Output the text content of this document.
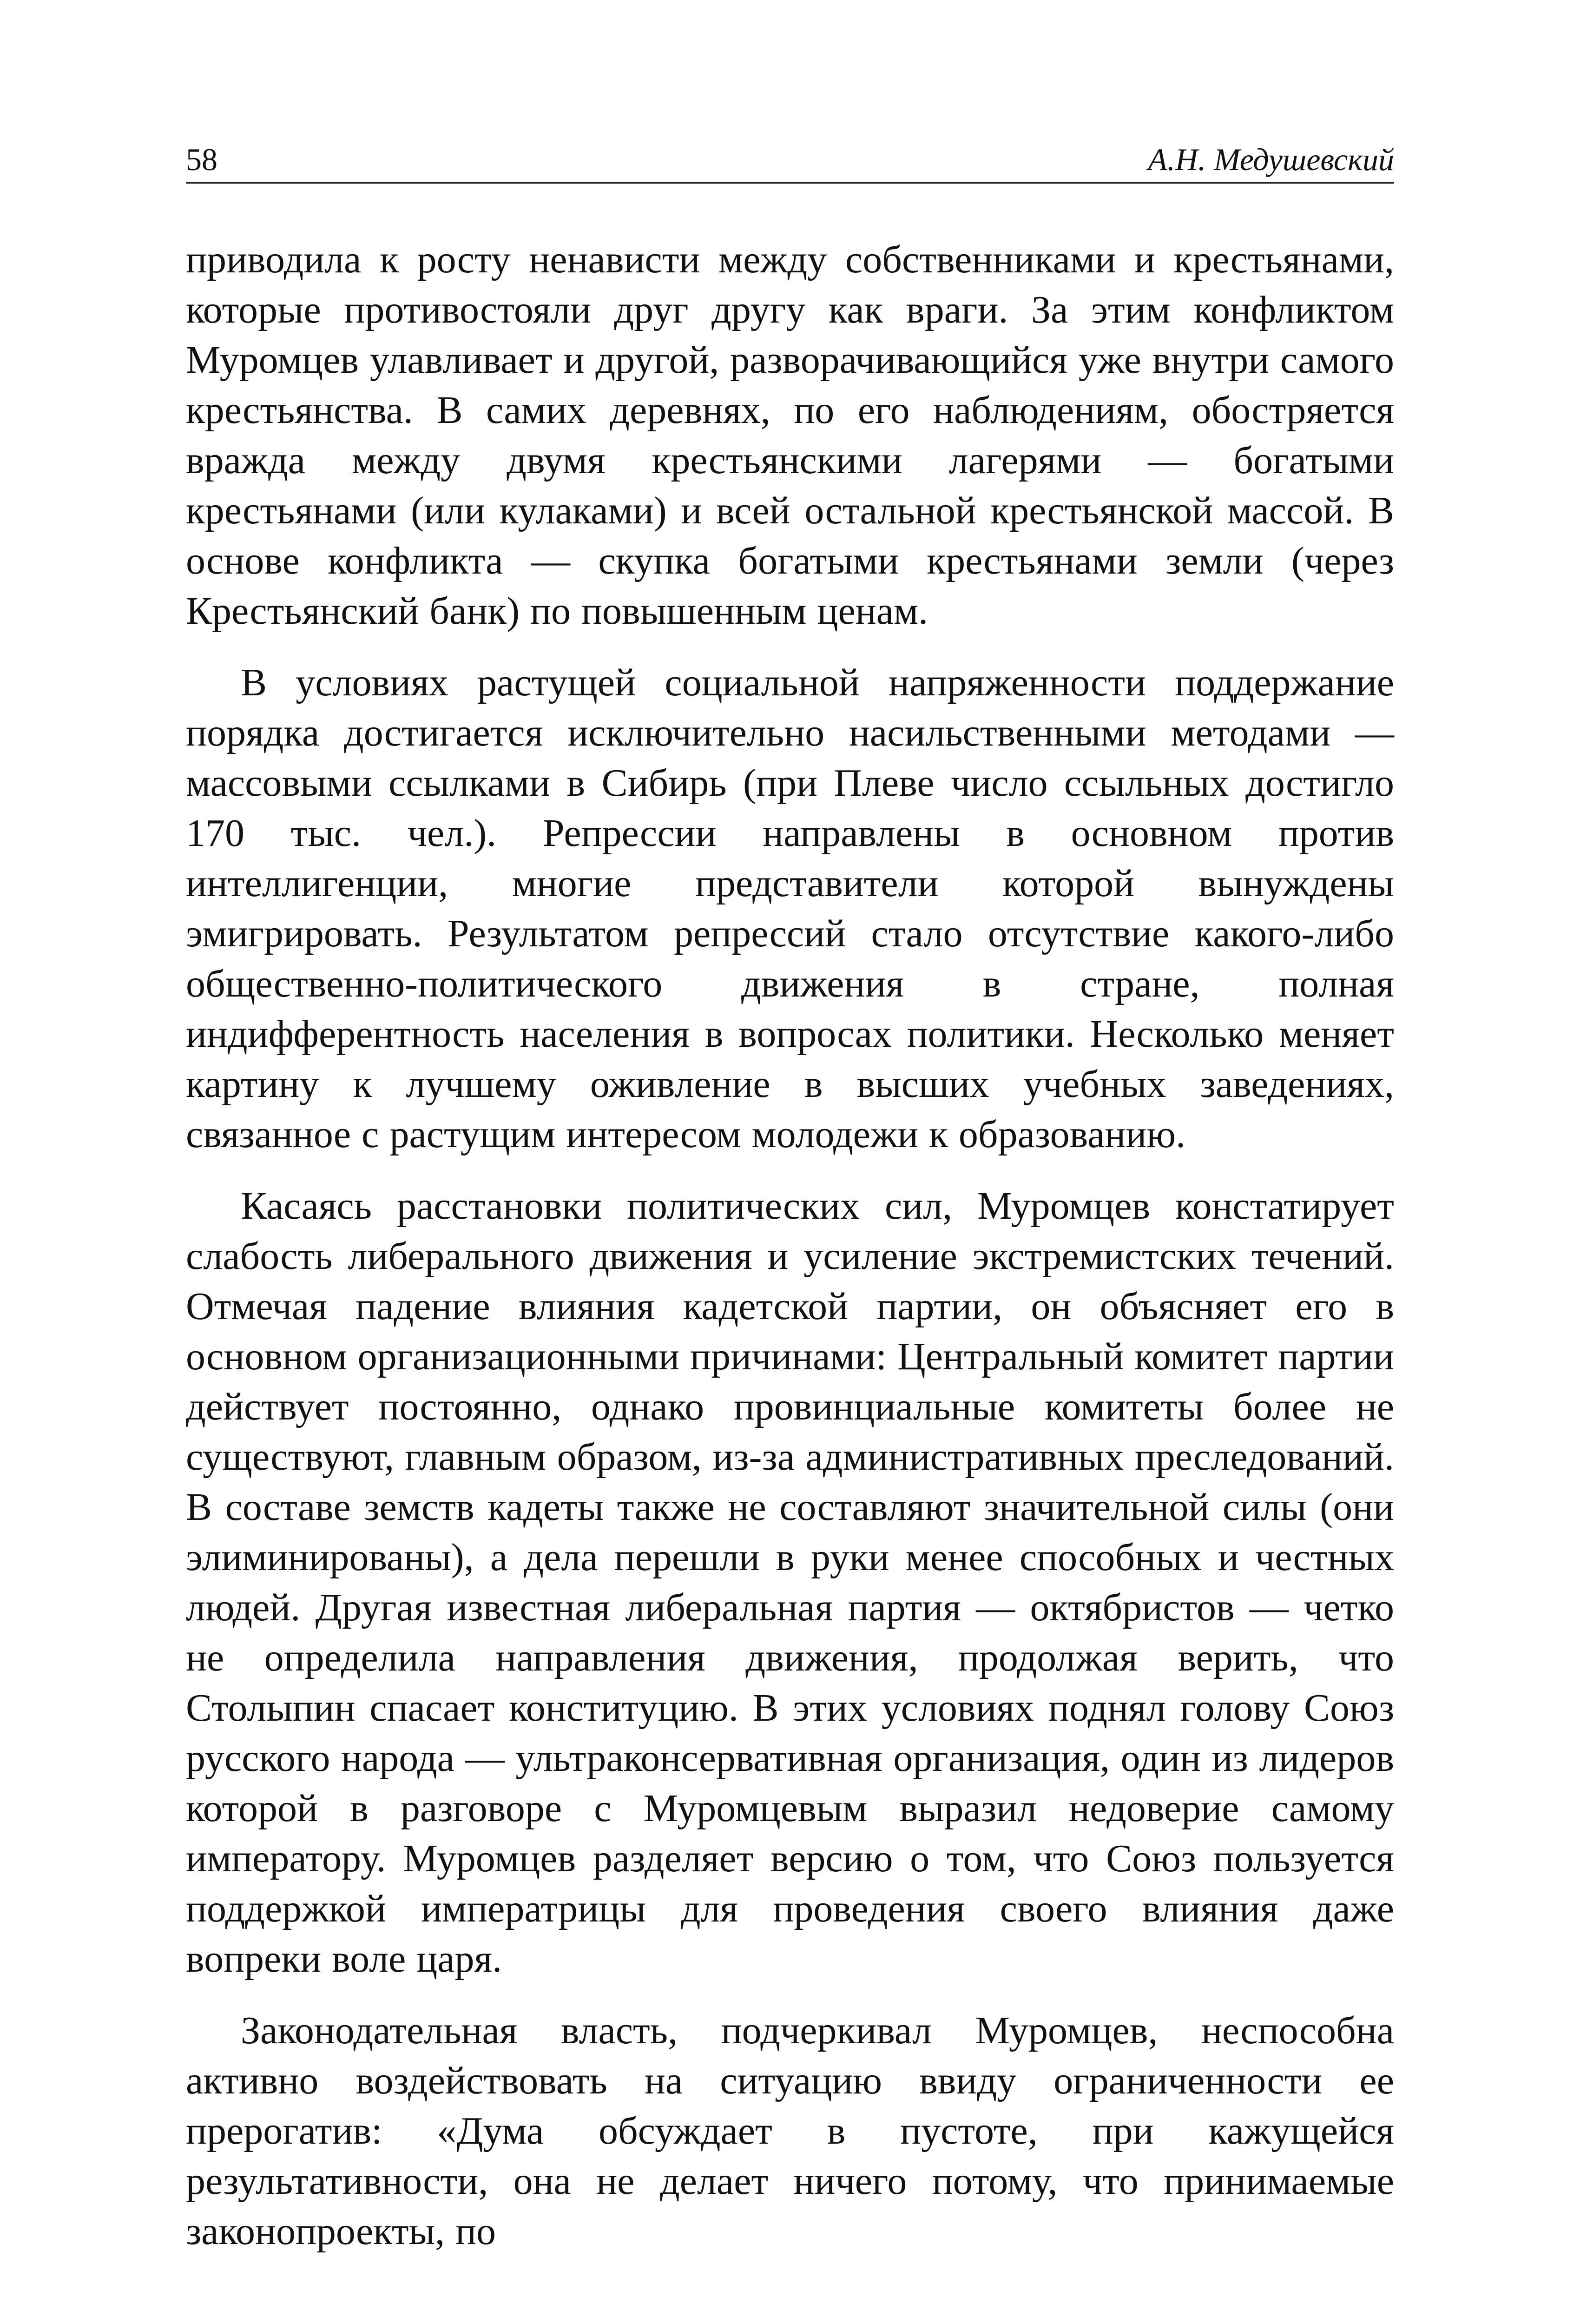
58	А.Н. Медушевский

приводила к росту ненависти между собственниками и крестьянами, которые противостояли друг другу как враги. За этим конфликтом Муромцев улавливает и другой, разворачивающийся уже внутри самого крестьянства. В самих деревнях, по его наблюдениям, обостряется вражда между двумя крестьянскими лагерями — богатыми крестьянами (или кулаками) и всей остальной крестьянской массой. В основе конфликта — скупка богатыми крестьянами земли (через Крестьянский банк) по повышенным ценам.

В условиях растущей социальной напряженности поддержание порядка достигается исключительно насильственными методами — массовыми ссылками в Сибирь (при Плеве число ссыльных достигло 170 тыс. чел.). Репрессии направлены в основном против интеллигенции, многие представители которой вынуждены эмигрировать. Результатом репрессий стало отсутствие какого-либо общественно-политического движения в стране, полная индифферентность населения в вопросах политики. Несколько меняет картину к лучшему оживление в высших учебных заведениях, связанное с растущим интересом молодежи к образованию.

Касаясь расстановки политических сил, Муромцев констатирует слабость либерального движения и усиление экстремистских течений. Отмечая падение влияния кадетской партии, он объясняет его в основном организационными причинами: Центральный комитет партии действует постоянно, однако провинциальные комитеты более не существуют, главным образом, из-за административных преследований. В составе земств кадеты также не составляют значительной силы (они элиминированы), а дела перешли в руки менее способных и честных людей. Другая известная либеральная партия — октябристов — четко не определила направления движения, продолжая верить, что Столыпин спасает конституцию. В этих условиях поднял голову Союз русского народа — ультраконсервативная организация, один из лидеров которой в разговоре с Муромцевым выразил недоверие самому императору. Муромцев разделяет версию о том, что Союз пользуется поддержкой императрицы для проведения своего влияния даже вопреки воле царя.

Законодательная власть, подчеркивал Муромцев, неспособна активно воздействовать на ситуацию ввиду ограниченности ее прерогатив: «Дума обсуждает в пустоте, при кажущейся результативности, она не делает ничего потому, что принимаемые законопроекты, по
